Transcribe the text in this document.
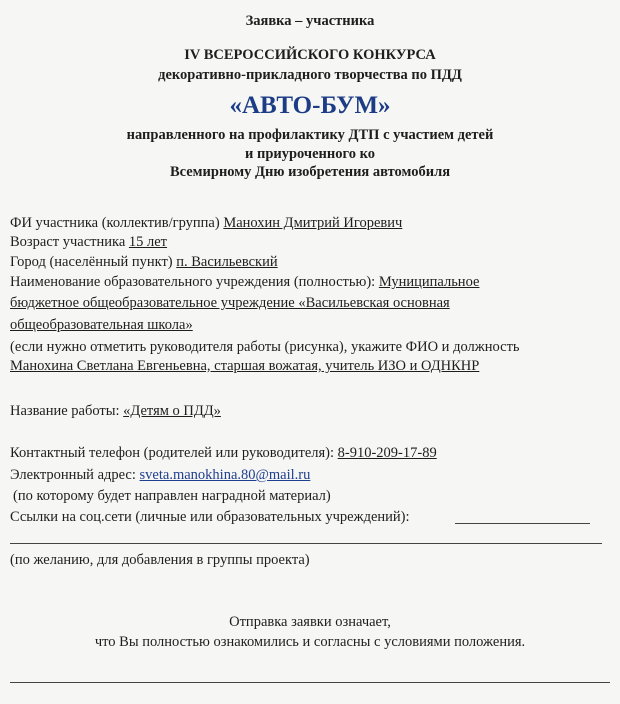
Заявка – участника
IV ВСЕРОССИЙСКОГО КОНКУРСА
декоративно-прикладного творчества по ПДД
«АВТО-БУМ»
направленного на профилактику ДТП с участием детей
и приуроченного ко
Всемирному Дню изобретения автомобиля
ФИ участника (коллектив/группа) Манохин Дмитрий Игоревич
Возраст участника 15 лет
Город (населённый пункт) п. Васильевский
Наименование образовательного учреждения (полностью): Муниципальное
бюджетное общеобразовательное учреждение «Васильевская основная
общеобразовательная школа»
(если нужно отметить руководителя работы (рисунка), укажите ФИО и должность
Манохина Светлана Евгеньевна, старшая вожатая, учитель ИЗО и ОДНКНР
Название работы: «Детям о ПДД»
Контактный телефон (родителей или руководителя): 8-910-209-17-89
Электронный адрес: sveta.manokhina.80@mail.ru
(по которому будет направлен наградной материал)
Ссылки на соц.сети (личные или образовательных учреждений):
(по желанию, для добавления в группы проекта)
Отправка заявки означает,
что Вы полностью ознакомились и согласны с условиями положения.
